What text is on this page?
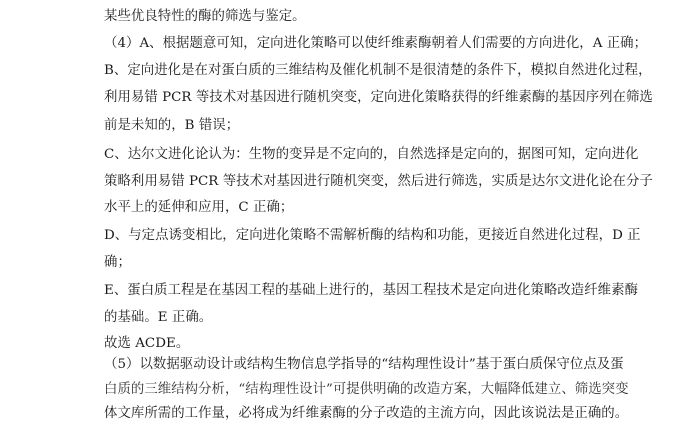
某些优良特性的酶的筛选与鉴定。
（4）A、根据题意可知，定向进化策略可以使纤维素酶朝着人们需要的方向进化，A 正确；
B、定向进化是在对蛋白质的三维结构及催化机制不是很清楚的条件下，模拟自然进化过程，
利用易错 PCR 等技术对基因进行随机突变，定向进化策略获得的纤维素酶的基因序列在筛选
前是未知的，B 错误；
C、达尔文进化论认为：生物的变异是不定向的，自然选择是定向的，据图可知，定向进化
策略利用易错 PCR 等技术对基因进行随机突变，然后进行筛选，实质是达尔文进化论在分子
水平上的延伸和应用，C 正确；
D、与定点诱变相比，定向进化策略不需解析酶的结构和功能，更接近自然进化过程，D 正
确；
E、蛋白质工程是在基因工程的基础上进行的，基因工程技术是定向进化策略改造纤维素酶
的基础。E 正确。
故选 ACDE。
（5）以数据驱动设计或结构生物信息学指导的“结构理性设计”基于蛋白质保守位点及蛋
白质的三维结构分析，“结构理性设计”可提供明确的改造方案，大幅降低建立、筛选突变
体文库所需的工作量，必将成为纤维素酶的分子改造的主流方向，因此该说法是正确的。
